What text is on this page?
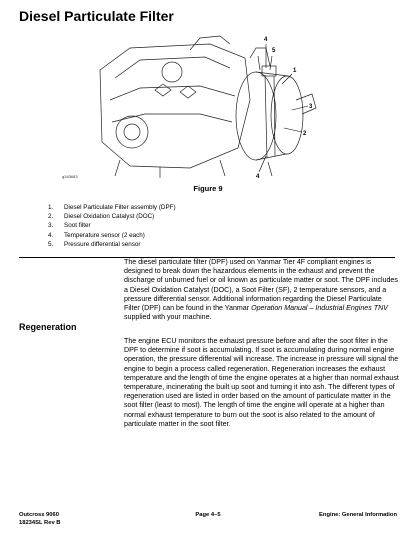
Diesel Particulate Filter
4
5
1
3
2
4
g343683
Figure 9
1. Diesel Particulate Filter assembly (DPF)
2. Diesel Oxidation Catalyst (DOC)
3. Soot filter
4. Temperature sensor (2 each)
5. Pressure differential sensor

The diesel particulate filter (DPF) used on Yanmar Tier 4F compliant engines is designed to break down the hazardous elements in the exhaust and prevent the discharge of unburned fuel or oil known as particulate matter or soot. The DPF includes a Diesel Oxidation Catalyst (DOC), a Soot Filter (SF), 2 temperature sensors, and a pressure differential sensor. Additional information regarding the Diesel Particulate Filter (DPF) can be found in the Yanmar Operation Manual – Industrial Engines TNV supplied with your machine.

Regeneration

The engine ECU monitors the exhaust pressure before and after the soot filter in the DPF to determine if soot is accumulating. If soot is accumulating during normal engine operation, the pressure differential will increase. The increase in pressure will signal the engine to begin a process called regeneration. Regeneration increases the exhaust temperature and the length of time the engine operates at a higher than normal exhaust temperature, incinerating the built up soot and turning it into ash. The different types of regeneration used are listed in order based on the amount of particulate matter in the soot filter (least to most). The length of time the engine will operate at a higher than normal exhaust temperature to burn out the soot is also related to the amount of particulate matter in the soot filter.

Outcross 9060
18234SL Rev B
Page 4–5	Engine: General Information
